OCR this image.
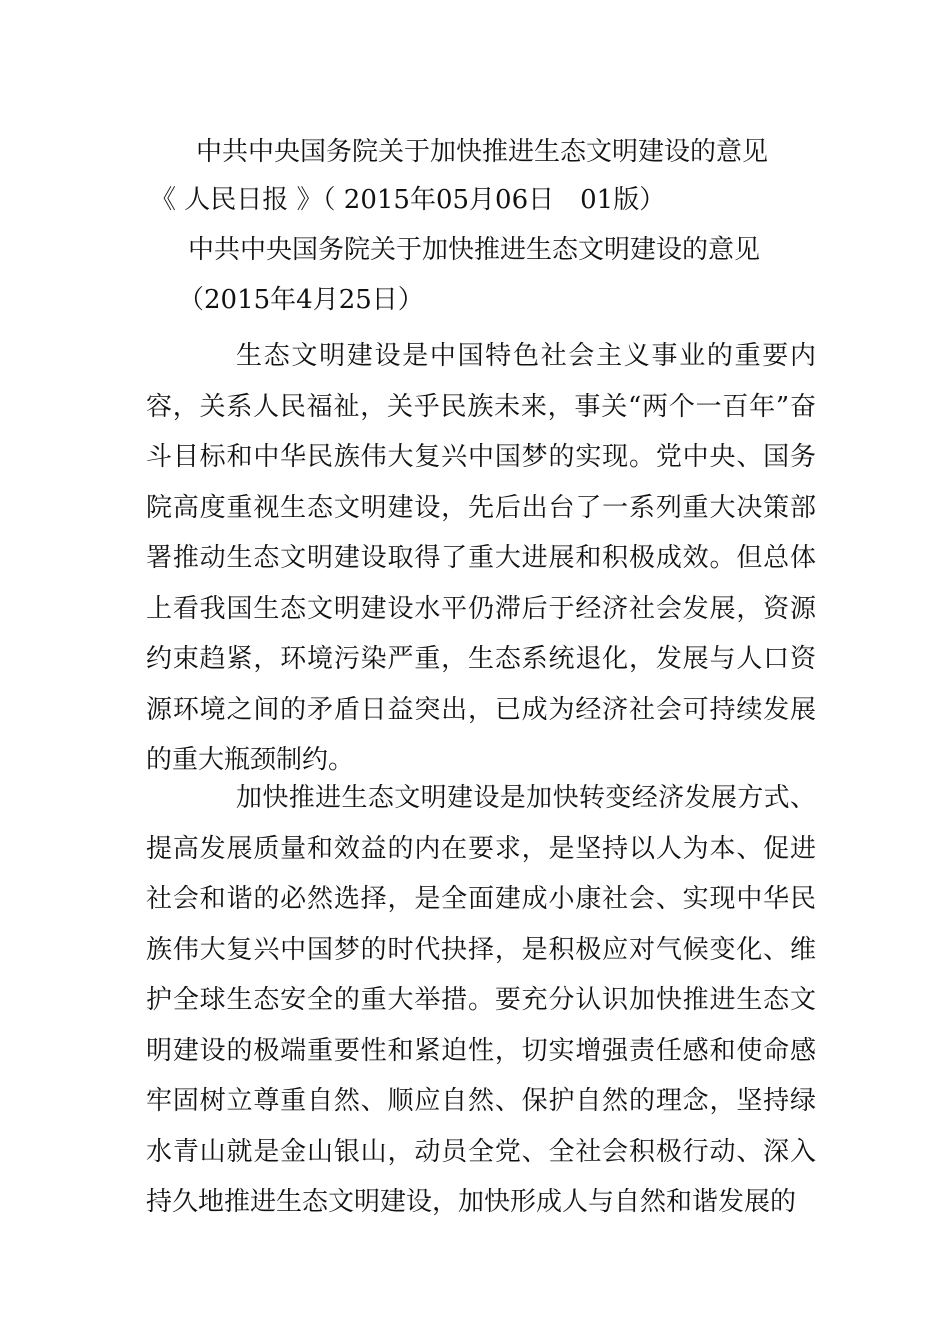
中共中央国务院关于加快推进生态文明建设的意见

《 人民日报 》（ 2015年05月06日　01版）

中共中央国务院关于加快推进生态文明建设的意见

（2015年4月25日）

生态文明建设是中国特色社会主义事业的重要内容，关系人民福祉，关乎民族未来，事关“两个一百年”奋斗目标和中华民族伟大复兴中国梦的实现。党中央、国务院高度重视生态文明建设，先后出台了一系列重大决策部署推动生态文明建设取得了重大进展和积极成效。但总体上看我国生态文明建设水平仍滞后于经济社会发展，资源约束趋紧，环境污染严重，生态系统退化，发展与人口资源环境之间的矛盾日益突出，已成为经济社会可持续发展的重大瓶颈制约。

加快推进生态文明建设是加快转变经济发展方式、提高发展质量和效益的内在要求，是坚持以人为本、促进社会和谐的必然选择，是全面建成小康社会、实现中华民族伟大复兴中国梦的时代抉择，是积极应对气候变化、维护全球生态安全的重大举措。要充分认识加快推进生态文明建设的极端重要性和紧迫性，切实增强责任感和使命感牢固树立尊重自然、顺应自然、保护自然的理念，坚持绿水青山就是金山银山，动员全党、全社会积极行动、深入持久地推进生态文明建设，加快形成人与自然和谐发展的
